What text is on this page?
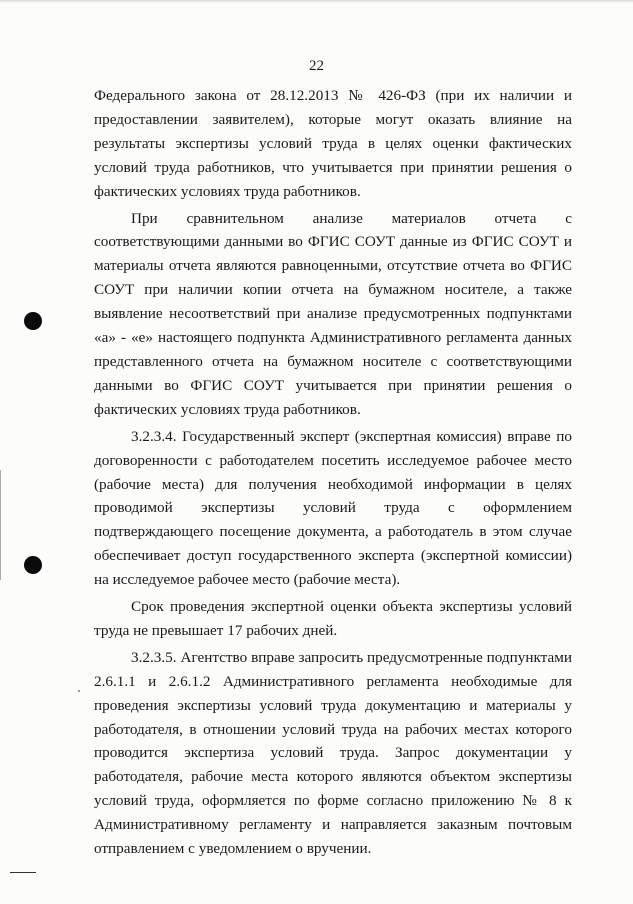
22

Федерального закона от 28.12.2013 № 426-ФЗ (при их наличии и предоставлении заявителем), которые могут оказать влияние на результаты экспертизы условий труда в целях оценки фактических условий труда работников, что учитывается при принятии решения о фактических условиях труда работников.

При сравнительном анализе материалов отчета с соответствующими данными во ФГИС СОУТ данные из ФГИС СОУТ и материалы отчета являются равноценными, отсутствие отчета во ФГИС СОУТ при наличии копии отчета на бумажном носителе, а также выявление несоответствий при анализе предусмотренных подпунктами «а» - «е» настоящего подпункта Административного регламента данных представленного отчета на бумажном носителе с соответствующими данными во ФГИС СОУТ учитывается при принятии решения о фактических условиях труда работников.

3.2.3.4. Государственный эксперт (экспертная комиссия) вправе по договоренности с работодателем посетить исследуемое рабочее место (рабочие места) для получения необходимой информации в целях проводимой экспертизы условий труда с оформлением подтверждающего посещение документа, а работодатель в этом случае обеспечивает доступ государственного эксперта (экспертной комиссии) на исследуемое рабочее место (рабочие места).

Срок проведения экспертной оценки объекта экспертизы условий труда не превышает 17 рабочих дней.

3.2.3.5. Агентство вправе запросить предусмотренные подпунктами 2.6.1.1 и 2.6.1.2 Административного регламента необходимые для проведения экспертизы условий труда документацию и материалы у работодателя, в отношении условий труда на рабочих местах которого проводится экспертиза условий труда. Запрос документации у работодателя, рабочие места которого являются объектом экспертизы условий труда, оформляется по форме согласно приложению № 8 к Административному регламенту и направляется заказным почтовым отправлением с уведомлением о вручении.
